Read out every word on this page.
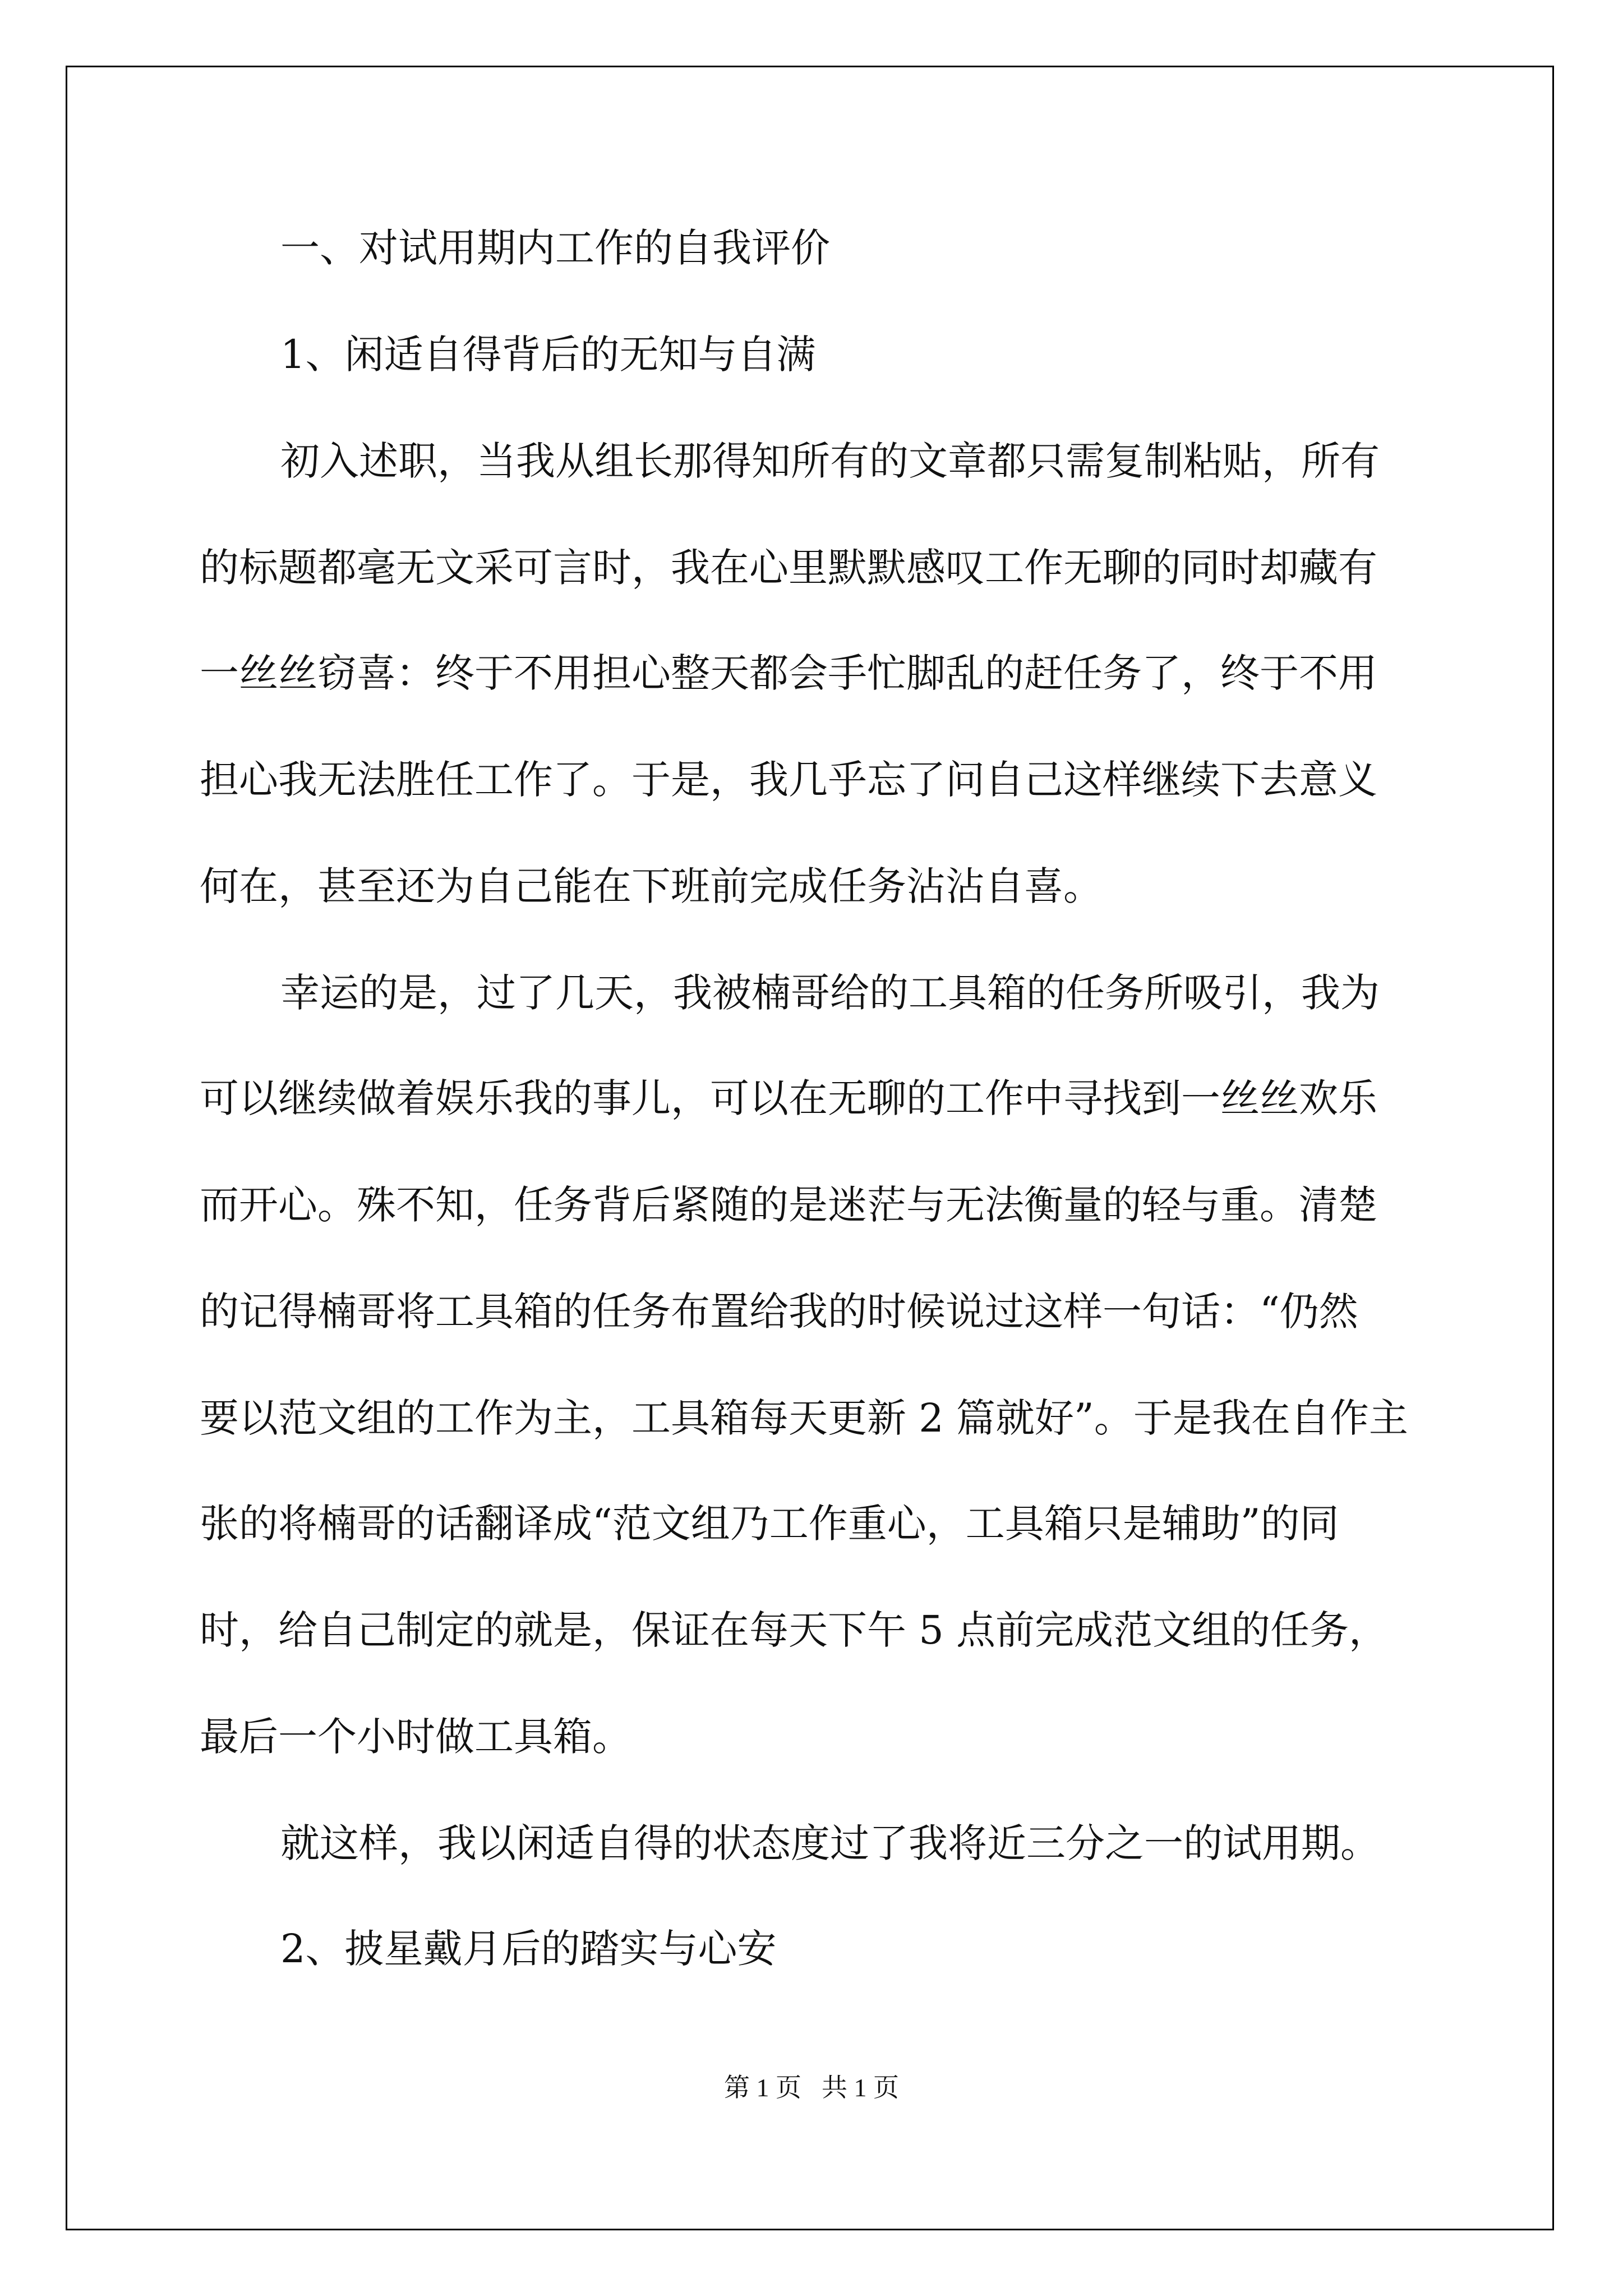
一、对试用期内工作的自我评价
1、闲适自得背后的无知与自满
初入述职，当我从组长那得知所有的文章都只需复制粘贴，所有
的标题都毫无文采可言时，我在心里默默感叹工作无聊的同时却藏有
一丝丝窃喜：终于不用担心整天都会手忙脚乱的赶任务了，终于不用
担心我无法胜任工作了。于是，我几乎忘了问自己这样继续下去意义
何在，甚至还为自己能在下班前完成任务沾沾自喜。
幸运的是，过了几天，我被楠哥给的工具箱的任务所吸引，我为
可以继续做着娱乐我的事儿，可以在无聊的工作中寻找到一丝丝欢乐
而开心。殊不知，任务背后紧随的是迷茫与无法衡量的轻与重。清楚
的记得楠哥将工具箱的任务布置给我的时候说过这样一句话：“仍然
要以范文组的工作为主，工具箱每天更新 2 篇就好”。于是我在自作主
张的将楠哥的话翻译成“范文组乃工作重心，工具箱只是辅助”的同
时，给自己制定的就是，保证在每天下午 5 点前完成范文组的任务，
最后一个小时做工具箱。
就这样，我以闲适自得的状态度过了我将近三分之一的试用期。
2、披星戴月后的踏实与心安
第 1 页 共 1 页
